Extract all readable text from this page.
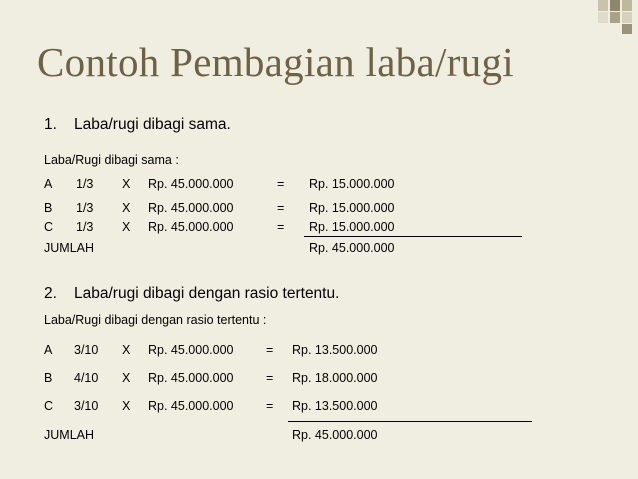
Contoh Pembagian laba/rugi
1. Laba/rugi dibagi sama.
Laba/Rugi dibagi sama :
A 1/3 X Rp. 45.000.000	= Rp. 15.000.000
B 1/3 X Rp. 45.000.000	= Rp. 15.000.000
C 1/3 X Rp. 45.000.000	= Rp. 15.000.000
JUMLAH	Rp. 45.000.000
2. Laba/rugi dibagi dengan rasio tertentu.
Laba/Rugi dibagi dengan rasio tertentu :
A 3/10 X Rp. 45.000.000	= Rp. 13.500.000
B 4/10 X Rp. 45.000.000	= Rp. 18.000.000
C 3/10 X Rp. 45.000.000	= Rp. 13.500.000
JUMLAH	Rp. 45.000.000
